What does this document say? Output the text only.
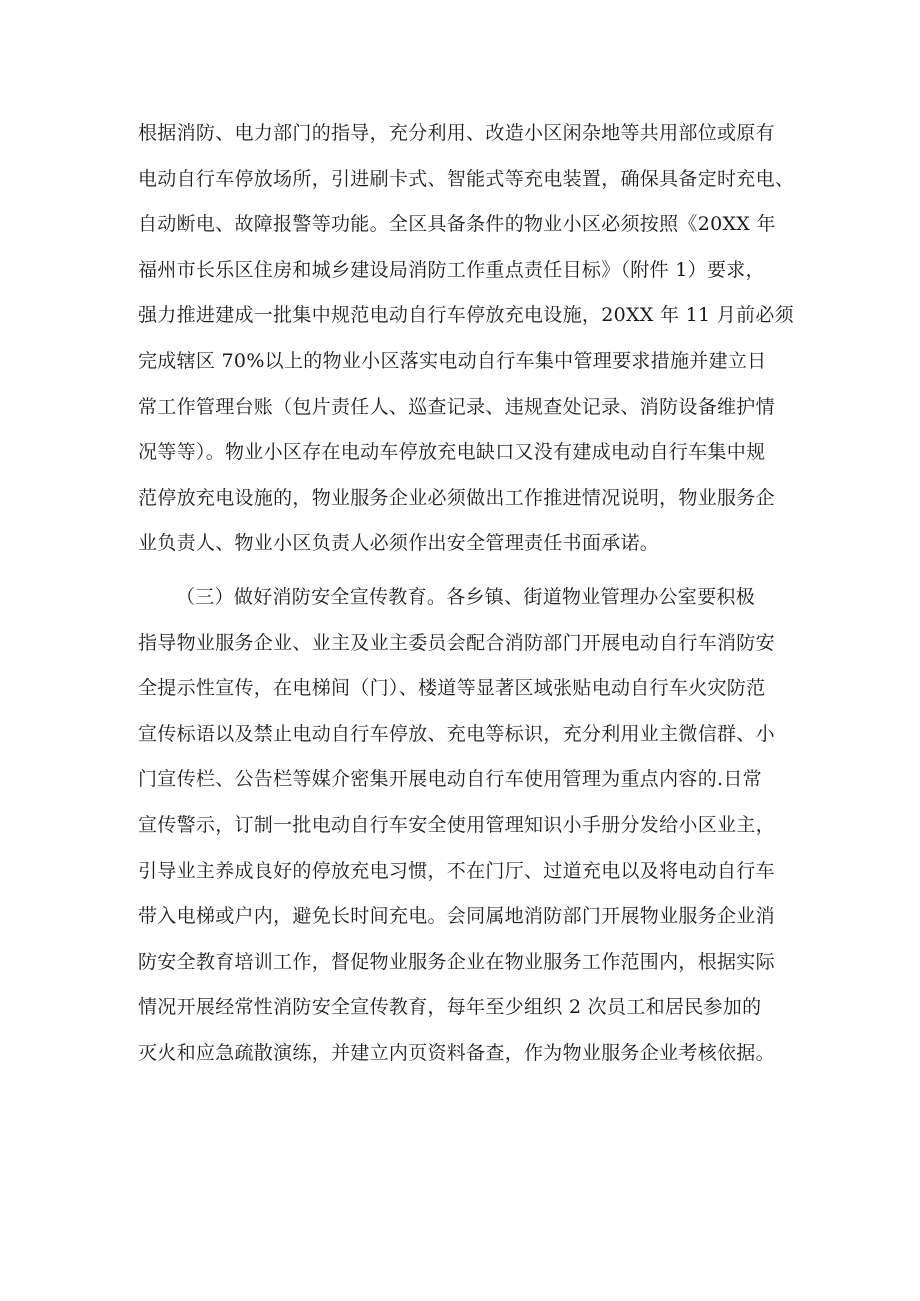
根据消防、电力部门的指导，充分利用、改造小区闲杂地等共用部位或原有
电动自行车停放场所，引进刷卡式、智能式等充电装置，确保具备定时充电、
自动断电、故障报警等功能。全区具备条件的物业小区必须按照《20XX 年
福州市长乐区住房和城乡建设局消防工作重点责任目标》（附件 1）要求，
强力推进建成一批集中规范电动自行车停放充电设施，20XX 年 11 月前必须
完成辖区 70%以上的物业小区落实电动自行车集中管理要求措施并建立日
常工作管理台账（包片责任人、巡查记录、违规查处记录、消防设备维护情
况等等）。物业小区存在电动车停放充电缺口又没有建成电动自行车集中规
范停放充电设施的，物业服务企业必须做出工作推进情况说明，物业服务企
业负责人、物业小区负责人必须作出安全管理责任书面承诺。
（三）做好消防安全宣传教育。各乡镇、街道物业管理办公室要积极
指导物业服务企业、业主及业主委员会配合消防部门开展电动自行车消防安
全提示性宣传，在电梯间（门）、楼道等显著区域张贴电动自行车火灾防范
宣传标语以及禁止电动自行车停放、充电等标识，充分利用业主微信群、小
门宣传栏、公告栏等媒介密集开展电动自行车使用管理为重点内容的.日常
宣传警示，订制一批电动自行车安全使用管理知识小手册分发给小区业主，
引导业主养成良好的停放充电习惯，不在门厅、过道充电以及将电动自行车
带入电梯或户内，避免长时间充电。会同属地消防部门开展物业服务企业消
防安全教育培训工作，督促物业服务企业在物业服务工作范围内，根据实际
情况开展经常性消防安全宣传教育，每年至少组织 2 次员工和居民参加的
灭火和应急疏散演练，并建立内页资料备查，作为物业服务企业考核依据。
